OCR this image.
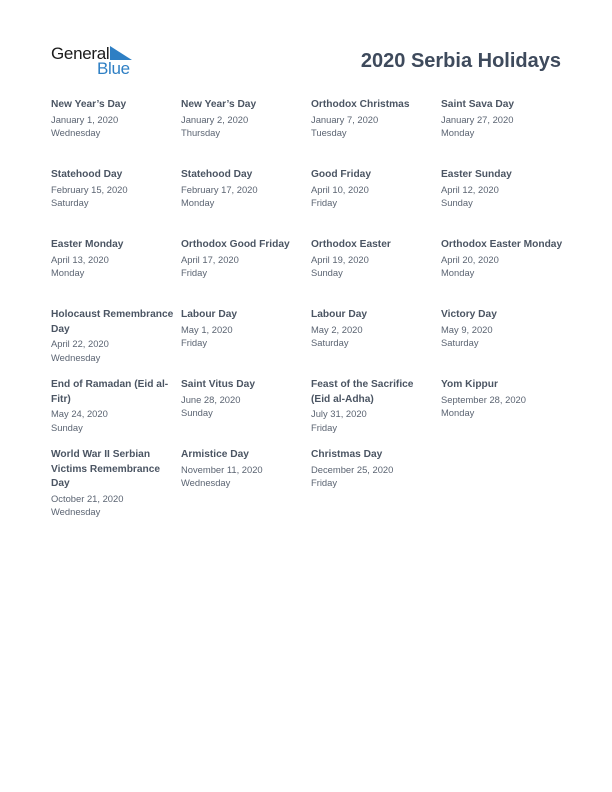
General
Blue	2020 Serbia Holidays
New Year’s Day
January 1, 2020
Wednesday
New Year’s Day
January 2, 2020
Thursday
Orthodox Christmas
January 7, 2020
Tuesday
Saint Sava Day
January 27, 2020
Monday
Statehood Day
February 15, 2020
Saturday
Statehood Day
February 17, 2020
Monday
Good Friday
April 10, 2020
Friday
Easter Sunday
April 12, 2020
Sunday
Easter Monday
April 13, 2020
Monday
Orthodox Good Friday
April 17, 2020
Friday
Orthodox Easter
April 19, 2020
Sunday
Orthodox Easter Monday
April 20, 2020
Monday
Holocaust Remembrance Day
April 22, 2020
Wednesday
Labour Day
May 1, 2020
Friday
Labour Day
May 2, 2020
Saturday
Victory Day
May 9, 2020
Saturday
End of Ramadan (Eid al-Fitr)
May 24, 2020
Sunday
Saint Vitus Day
June 28, 2020
Sunday
Feast of the Sacrifice (Eid al-Adha)
July 31, 2020
Friday
Yom Kippur
September 28, 2020
Monday
World War II Serbian Victims Remembrance Day
October 21, 2020
Wednesday
Armistice Day
November 11, 2020
Wednesday
Christmas Day
December 25, 2020
Friday
